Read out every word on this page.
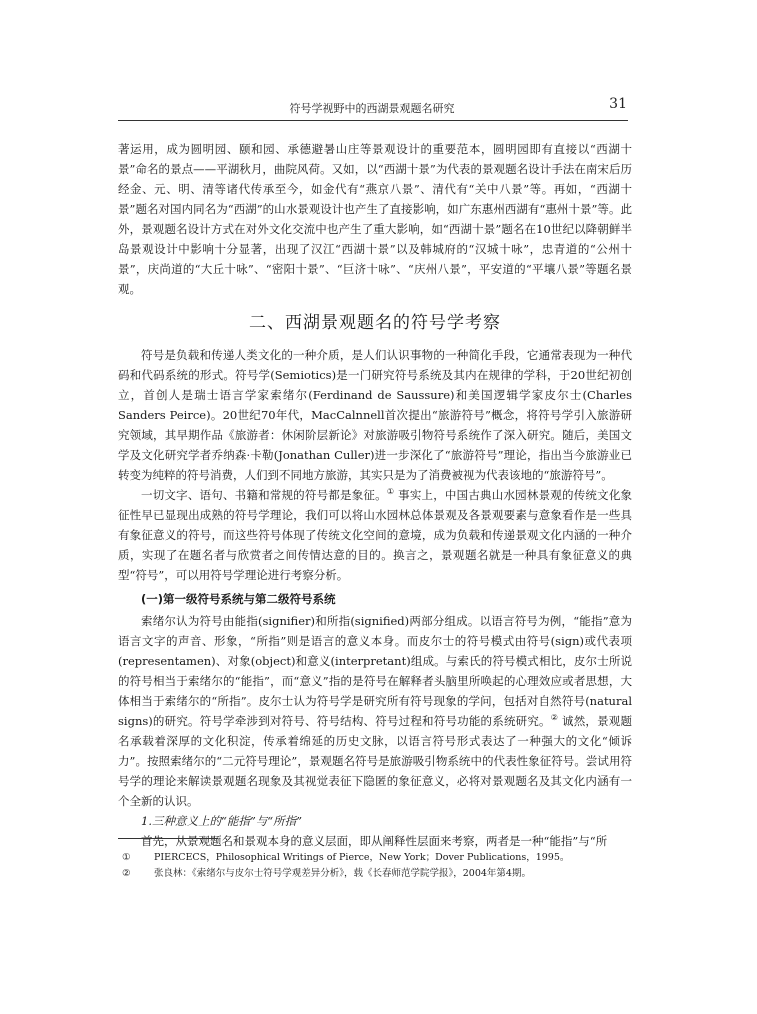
符号学视野中的西湖景观题名研究	31

著运用，成为圆明园、颐和园、承德避暑山庄等景观设计的重要范本，圆明园即有直接以“西湖十景”命名的景点——平湖秋月，曲院风荷。又如，以“西湖十景”为代表的景观题名设计手法在南宋后历经金、元、明、清等诸代传承至今，如金代有“燕京八景”、清代有“关中八景”等。再如，“西湖十景”题名对国内同名为“西湖”的山水景观设计也产生了直接影响，如广东惠州西湖有“惠州十景”等。此外，景观题名设计方式在对外文化交流中也产生了重大影响，如“西湖十景”题名在10世纪以降朝鲜半岛景观设计中影响十分显著，出现了汉江“西湖十景”以及韩城府的“汉城十咏”，忠青道的“公州十景”，庆尚道的“大丘十咏”、“密阳十景”、“巨济十咏”、“庆州八景”，平安道的“平壤八景”等题名景观。

二、西湖景观题名的符号学考察

符号是负载和传递人类文化的一种介质，是人们认识事物的一种简化手段，它通常表现为一种代码和代码系统的形式。符号学(Semiotics)是一门研究符号系统及其内在规律的学科，于20世纪初创立，首创人是瑞士语言学家索绪尔(Ferdinand de Saussure)和美国逻辑学家皮尔士(Charles Sanders Peirce)。20世纪70年代，MacCalnnell首次提出“旅游符号”概念，将符号学引入旅游研究领域，其早期作品《旅游者：休闲阶层新论》对旅游吸引物符号系统作了深入研究。随后，美国文学及文化研究学者乔纳森·卡勒(Jonathan Culler)进一步深化了“旅游符号”理论，指出当今旅游业已转变为纯粹的符号消费，人们到不同地方旅游，其实只是为了消费被视为代表该地的“旅游符号”。

一切文字、语句、书籍和常规的符号都是象征。① 事实上，中国古典山水园林景观的传统文化象征性早已显现出成熟的符号学理论，我们可以将山水园林总体景观及各景观要素与意象看作是一些具有象征意义的符号，而这些符号体现了传统文化空间的意境，成为负载和传递景观文化内涵的一种介质，实现了在题名者与欣赏者之间传情达意的目的。换言之，景观题名就是一种具有象征意义的典型“符号”，可以用符号学理论进行考察分析。

(一)第一级符号系统与第二级符号系统

索绪尔认为符号由能指(signifier)和所指(signified)两部分组成。以语言符号为例，“能指”意为语言文字的声音、形象，“所指”则是语言的意义本身。而皮尔士的符号模式由符号(sign)或代表项(representamen)、对象(object)和意义(interpretant)组成。与索氏的符号模式相比，皮尔士所说的符号相当于索绪尔的“能指”，而“意义”指的是符号在解释者头脑里所唤起的心理效应或者思想，大体相当于索绪尔的“所指”。皮尔士认为符号学是研究所有符号现象的学问，包括对自然符号(natural signs)的研究。符号学牵涉到对符号、符号结构、符号过程和符号功能的系统研究。② 诚然，景观题名承载着深厚的文化积淀，传承着绵延的历史文脉，以语言符号形式表达了一种强大的文化“倾诉力”。按照索绪尔的“二元符号理论”，景观题名符号是旅游吸引物系统中的代表性象征符号。尝试用符号学的理论来解读景观题名现象及其视觉表征下隐匿的象征意义，必将对景观题名及其文化内涵有一个全新的认识。

1.三种意义上的“能指”与“所指”

首先，从景观题名和景观本身的意义层面，即从阐释性层面来考察，两者是一种“能指”与“所

①	PIERCECS，Philosophical Writings of Pierce，New York；Dover Publications，1995。
②	张良林：《索绪尔与皮尔士符号学观差异分析》，载《长春师范学院学报》，2004年第4期。
